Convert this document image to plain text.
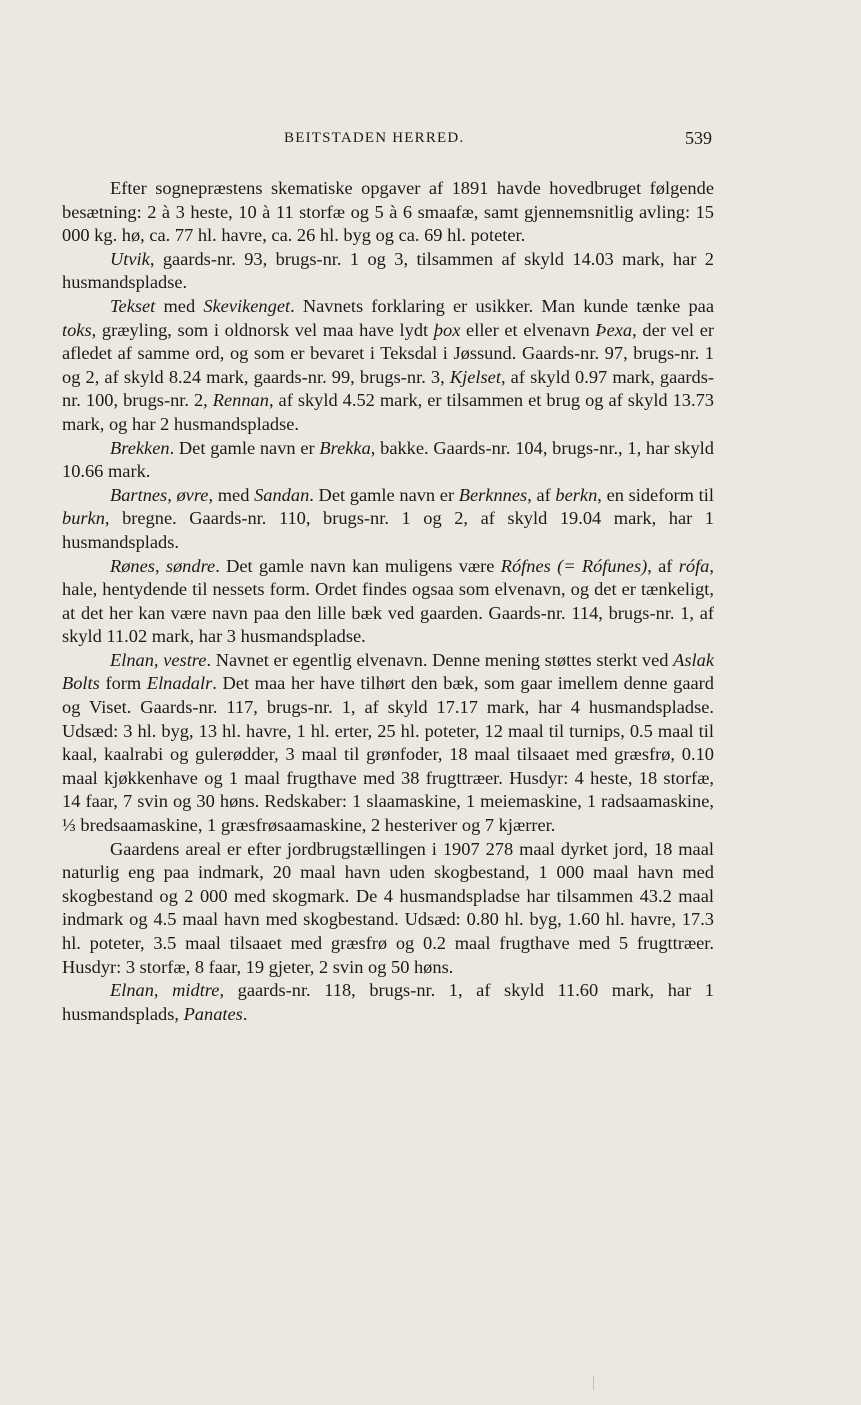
BEITSTADEN HERRED.	539

Efter sognepræstens skematiske opgaver af 1891 havde hovedbruget følgende besætning: 2 à 3 heste, 10 à 11 storfæ og 5 à 6 smaafæ, samt gjennemsnitlig avling: 15 000 kg. hø, ca. 77 hl. havre, ca. 26 hl. byg og ca. 69 hl. poteter.

Utvik, gaards-nr. 93, brugs-nr. 1 og 3, tilsammen af skyld 14.03 mark, har 2 husmandspladse.

Tekset med Skevikenget. Navnets forklaring er usikker. Man kunde tænke paa toks, græyling, som i oldnorsk vel maa have lydt þox eller et elvenavn Þexa, der vel er afledet af samme ord, og som er bevaret i Teksdal i Jøssund. Gaards-nr. 97, brugs-nr. 1 og 2, af skyld 8.24 mark, gaards-nr. 99, brugs-nr. 3, Kjelset, af skyld 0.97 mark, gaards-nr. 100, brugs-nr. 2, Rennan, af skyld 4.52 mark, er tilsammen et brug og af skyld 13.73 mark, og har 2 husmandspladse.

Brekken. Det gamle navn er Brekka, bakke. Gaards-nr. 104, brugs-nr., 1, har skyld 10.66 mark.

Bartnes, øvre, med Sandan. Det gamle navn er Berknnes, af berkn, en sideform til burkn, bregne. Gaards-nr. 110, brugs-nr. 1 og 2, af skyld 19.04 mark, har 1 husmandsplads.

Rønes, søndre. Det gamle navn kan muligens være Rófnes (= Rófunes), af rófa, hale, hentydende til nessets form. Ordet findes ogsaa som elvenavn, og det er tænkeligt, at det her kan være navn paa den lille bæk ved gaarden. Gaards-nr. 114, brugs-nr. 1, af skyld 11.02 mark, har 3 husmandspladse.

Elnan, vestre. Navnet er egentlig elvenavn. Denne mening støttes sterkt ved Aslak Bolts form Elnadalr. Det maa her have tilhørt den bæk, som gaar imellem denne gaard og Viset. Gaards-nr. 117, brugs-nr. 1, af skyld 17.17 mark, har 4 husmandspladse. Udsæd: 3 hl. byg, 13 hl. havre, 1 hl. erter, 25 hl. poteter, 12 maal til turnips, 0.5 maal til kaal, kaalrabi og gulerødder, 3 maal til grønfoder, 18 maal tilsaaet med græsfrø, 0.10 maal kjøkkenhave og 1 maal frugthave med 38 frugttræer. Husdyr: 4 heste, 18 storfæ, 14 faar, 7 svin og 30 høns. Redskaber: 1 slaamaskine, 1 meiemaskine, 1 radsaamaskine, ⅓ bredsaamaskine, 1 græsfrøsaamaskine, 2 hesteriver og 7 kjærrer.

Gaardens areal er efter jordbrugstællingen i 1907 278 maal dyrket jord, 18 maal naturlig eng paa indmark, 20 maal havn uden skogbestand, 1 000 maal havn med skogbestand og 2 000 med skogmark. De 4 husmandspladse har tilsammen 43.2 maal indmark og 4.5 maal havn med skogbestand. Udsæd: 0.80 hl. byg, 1.60 hl. havre, 17.3 hl. poteter, 3.5 maal tilsaaet med græsfrø og 0.2 maal frugthave med 5 frugttræer. Husdyr: 3 storfæ, 8 faar, 19 gjeter, 2 svin og 50 høns.

Elnan, midtre, gaards-nr. 118, brugs-nr. 1, af skyld 11.60 mark, har 1 husmandsplads, Panates.
